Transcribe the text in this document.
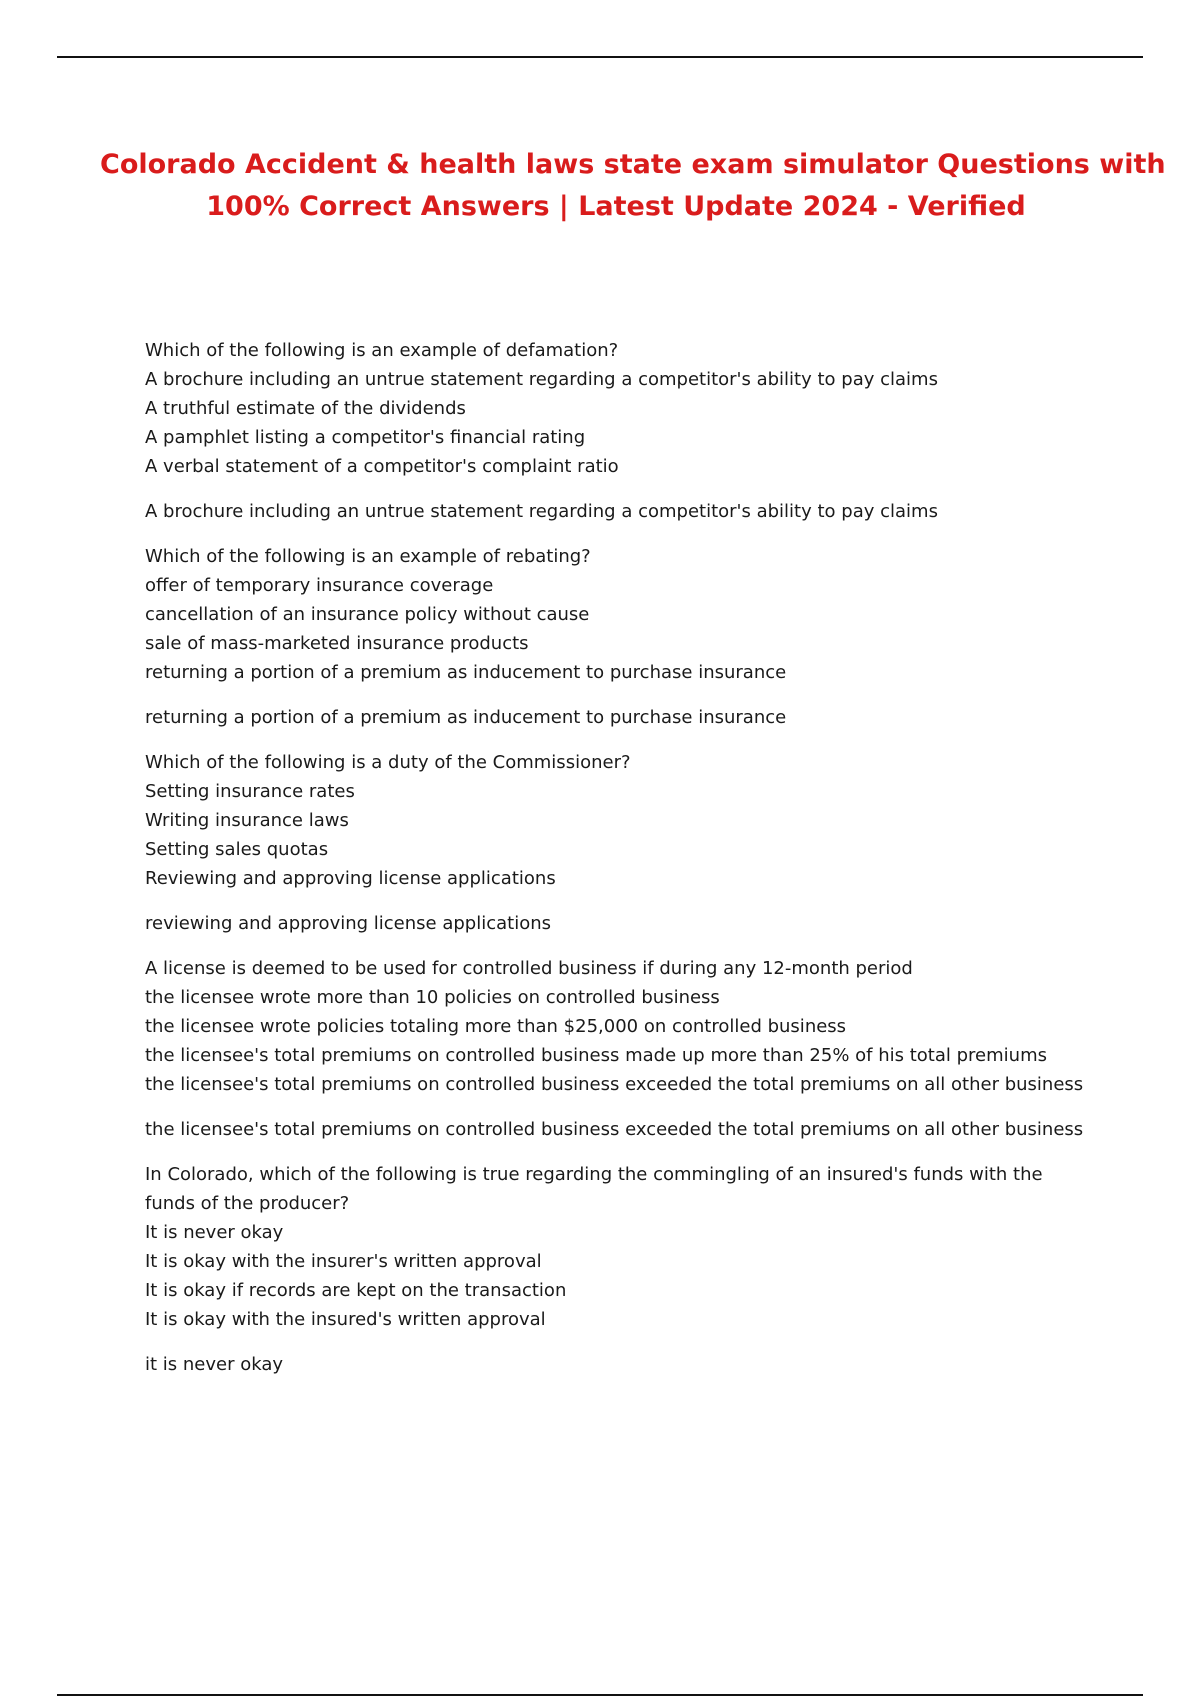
Colorado Accident & health laws state exam simulator Questions with
100% Correct Answers | Latest Update 2024 - Verified
Which of the following is an example of defamation?
A brochure including an untrue statement regarding a competitor's ability to pay claims
A truthful estimate of the dividends
A pamphlet listing a competitor's financial rating
A verbal statement of a competitor's complaint ratio
A brochure including an untrue statement regarding a competitor's ability to pay claims
Which of the following is an example of rebating?
offer of temporary insurance coverage
cancellation of an insurance policy without cause
sale of mass-marketed insurance products
returning a portion of a premium as inducement to purchase insurance
returning a portion of a premium as inducement to purchase insurance
Which of the following is a duty of the Commissioner?
Setting insurance rates
Writing insurance laws
Setting sales quotas
Reviewing and approving license applications
reviewing and approving license applications
A license is deemed to be used for controlled business if during any 12-month period
the licensee wrote more than 10 policies on controlled business
the licensee wrote policies totaling more than $25,000 on controlled business
the licensee's total premiums on controlled business made up more than 25% of his total premiums
the licensee's total premiums on controlled business exceeded the total premiums on all other business
the licensee's total premiums on controlled business exceeded the total premiums on all other business
In Colorado, which of the following is true regarding the commingling of an insured's funds with the
funds of the producer?
It is never okay
It is okay with the insurer's written approval
It is okay if records are kept on the transaction
It is okay with the insured's written approval
it is never okay
